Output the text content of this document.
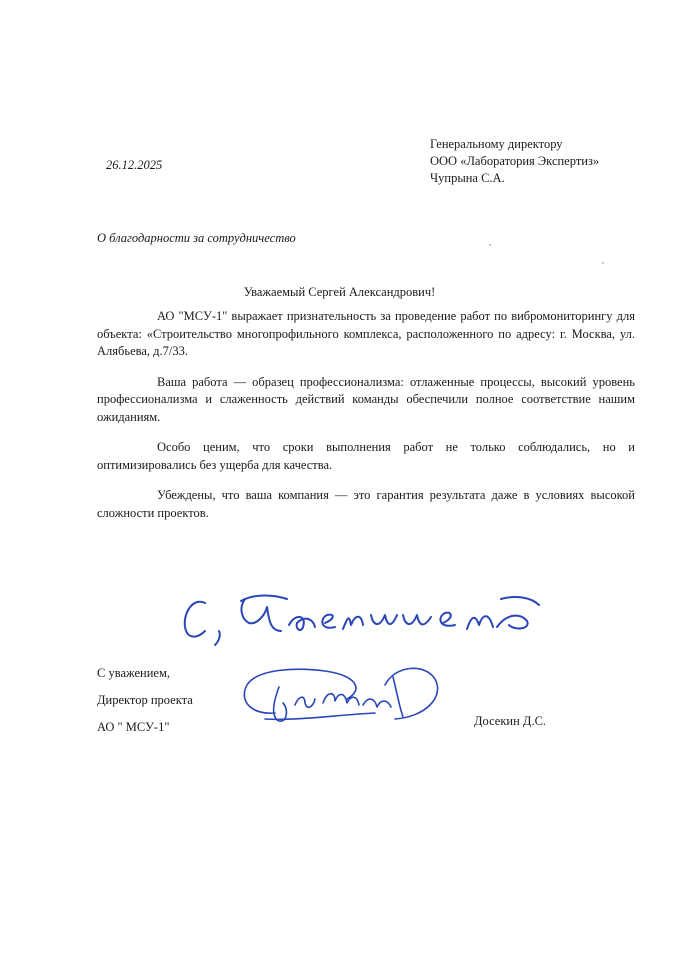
26.12.2025
Генеральному директору
ООО «Лаборатория Экспертиз»
Чупрына С.А.
О благодарности за сотрудничество
Уважаемый Сергей Александрович!

АО "МСУ-1" выражает признательность за проведение работ по вибромониторингу для объекта: «Строительство многопрофильного комплекса, расположенного по адресу: г. Москва, ул. Алябьева, д.7/33.

Ваша работа — образец профессионализма: отлаженные процессы, высокий уровень профессионализма и слаженность действий команды обеспечили полное соответствие нашим ожиданиям.

Особо ценим, что сроки выполнения работ не только соблюдались, но и оптимизировались без ущерба для качества.

Убеждены, что ваша компания — это гарантия результата даже в условиях высокой сложности проектов.

С уважением,
Директор проекта
АО " МСУ-1"	Досекин Д.С.
